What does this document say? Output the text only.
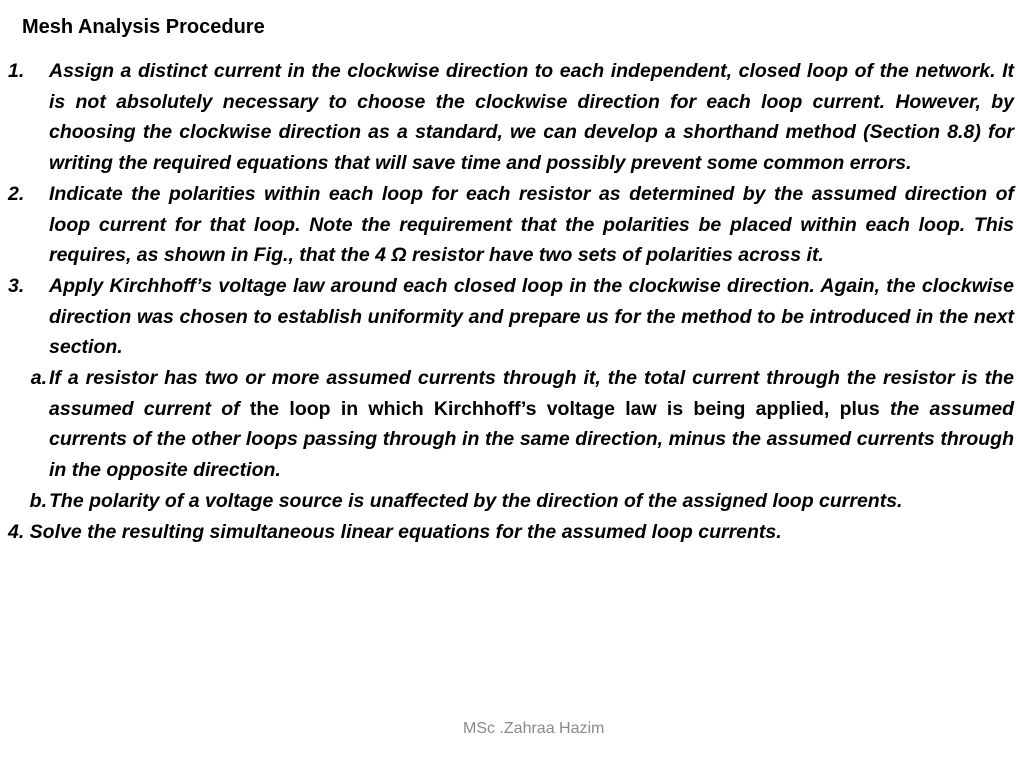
Mesh Analysis Procedure
1.	Assign a distinct current in the clockwise direction to each independent, closed loop of the network. It is not absolutely necessary to choose the clockwise direction for each loop current. However, by choosing the clockwise direction as a standard, we can develop a shorthand method (Section 8.8) for writing the required equations that will save time and possibly prevent some common errors.
2.	Indicate the polarities within each loop for each resistor as determined by the assumed direction of loop current for that loop. Note the requirement that the polarities be placed within each loop. This requires, as shown in Fig., that the 4 Ω resistor have two sets of polarities across it.
3.	Apply Kirchhoff’s voltage law around each closed loop in the clockwise direction. Again, the clockwise direction was chosen to establish uniformity and prepare us for the method to be introduced in the next section.
a. If a resistor has two or more assumed currents through it, the total current through the resistor is the assumed current of the loop in which Kirchhoff’s voltage law is being applied, plus the assumed currents of the other loops passing through in the same direction, minus the assumed currents through in the opposite direction.
b. The polarity of a voltage source is unaffected by the direction of the assigned loop currents.
4. Solve the resulting simultaneous linear equations for the assumed loop currents.
MSc .Zahraa Hazim
